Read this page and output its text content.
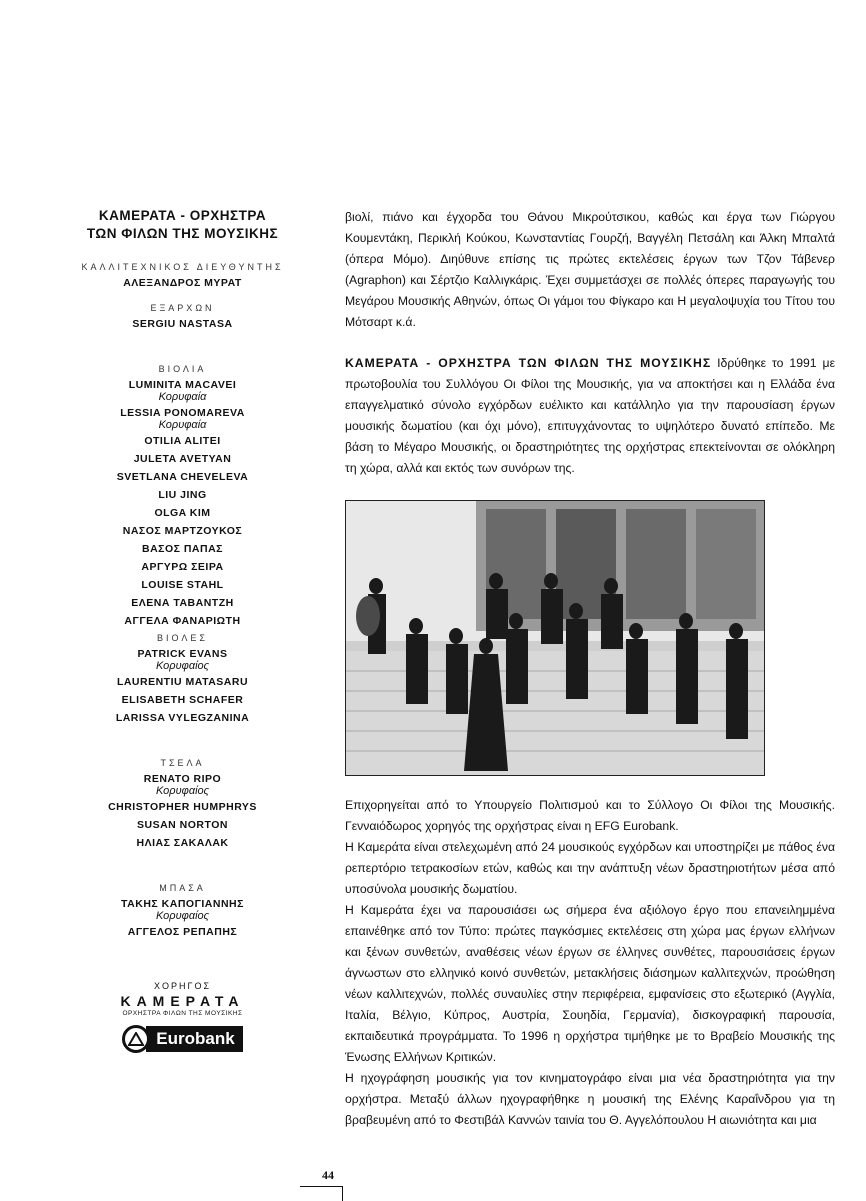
ΚΑΜΕΡΑΤΑ - ΟΡΧΗΣΤΡΑ
ΤΩΝ ΦΙΛΩΝ ΤΗΣ ΜΟΥΣΙΚΗΣ
ΚΑΛΛΙΤΕΧΝΙΚΟΣ ΔΙΕΥΘΥΝΤΗΣ
ΑΛΕΞΑΝΔΡΟΣ ΜΥΡΑΤ
ΕΞΑΡΧΩΝ
SERGIU NASTASA
ΒΙΟΛΙΑ
LUMINITA MACAVEI
Κορυφαία
LESSIA PONOMAREVA
Κορυφαία
OTILIA ALITEI
JULETA AVETYAN
SVETLANA CHEVELEVA
LIU JING
OLGA KIM
ΝΑΣΟΣ ΜΑΡΤΖΟΥΚΟΣ
ΒΑΣΟΣ ΠΑΠΑΣ
ΑΡΓΥΡΩ ΣΕΙΡΑ
LOUISE STAHL
ΕΛΕΝΑ ΤΑΒΑΝΤΖΗ
ΑΓΓΕΛΑ ΦΑΝΑΡΙΩΤΗ
ΒΙΟΛΕΣ
PATRICK EVANS
Κορυφαίος
LAURENTIU MATASARU
ELISABETH SCHAFER
LARISSA VYLEGZANINA
ΤΣΕΛΑ
RENATO RIPO
Κορυφαίος
CHRISTOPHER HUMPHRYS
SUSAN NORTON
ΗΛΙΑΣ ΣΑΚΑΛΑΚ
ΜΠΑΣΑ
ΤΑΚΗΣ ΚΑΠΟΓΙΑΝΝΗΣ
Κορυφαίος
ΑΓΓΕΛΟΣ ΡΕΠΑΠΗΣ
ΧΟΡΗΓΟΣ
ΚΑΜΕΡΑΤΑ
ΟΡΧΗΣΤΡΑ ΦΙΛΩΝ ΤΗΣ ΜΟΥΣΙΚΗΣ
Eurobank

βιολί, πιάνο και έγχορδα του Θάνου Μικρούτσικου, καθώς και έργα των Γιώργου Κουμεντάκη, Περικλή Κούκου, Κωνσταντίας Γουρζή, Βαγγέλη Πετσάλη και Άλκη Μπαλτά (όπερα Μόμο). Διηύθυνε επίσης τις πρώτες εκτελέσεις έργων των Τζον Τάβενερ (Agraphon) και Σέρτζιο Καλλιγκάρις. Έχει συμμετάσχει σε πολλές όπερες παραγωγής του Μεγάρου Μουσικής Αθηνών, όπως Οι γάμοι του Φίγκαρο και Η μεγαλοψυχία του Τίτου του Μότσαρτ κ.ά.

ΚΑΜΕΡΑΤΑ - ΟΡΧΗΣΤΡΑ ΤΩΝ ΦΙΛΩΝ ΤΗΣ ΜΟΥΣΙΚΗΣ Ιδρύθηκε το 1991 με πρωτοβουλία του Συλλόγου Οι Φίλοι της Μουσικής, για να αποκτήσει και η Ελλάδα ένα επαγγελματικό σύνολο εγχόρδων ευέλικτο και κατάλληλο για την παρουσίαση έργων μουσικής δωματίου (και όχι μόνο), επιτυγχάνοντας το υψηλότερο δυνατό επίπεδο. Με βάση το Μέγαρο Μουσικής, οι δραστηριότητες της ορχήστρας επεκτείνονται σε ολόκληρη τη χώρα, αλλά και εκτός των συνόρων της.

Επιχορηγείται από το Υπουργείο Πολιτισμού και το Σύλλογο Οι Φίλοι της Μουσικής. Γενναιόδωρος χορηγός της ορχήστρας είναι η EFG Eurobank.

Η Καμεράτα είναι στελεχωμένη από 24 μουσικούς εγχόρδων και υποστηρίζει με πάθος ένα ρεπερτόριο τετρακοσίων ετών, καθώς και την ανάπτυξη νέων δραστηριοτήτων μέσα από υποσύνολα μουσικής δωματίου.

Η Καμεράτα έχει να παρουσιάσει ως σήμερα ένα αξιόλογο έργο που επανειλημμένα επαινέθηκε από τον Τύπο: πρώτες παγκόσμιες εκτελέσεις στη χώρα μας έργων ελλήνων και ξένων συνθετών, αναθέσεις νέων έργων σε έλληνες συνθέτες, παρουσιάσεις έργων άγνωστων στο ελληνικό κοινό συνθετών, μετακλήσεις διάσημων καλλιτεχνών, προώθηση νέων καλλιτεχνών, πολλές συναυλίες στην περιφέρεια, εμφανίσεις στο εξωτερικό (Αγγλία, Ιταλία, Βέλγιο, Κύπρος, Αυστρία, Σουηδία, Γερμανία), δισκογραφική παρουσία, εκπαιδευτικά προγράμματα. Το 1996 η ορχήστρα τιμήθηκε με το Βραβείο Μουσικής της Ένωσης Ελλήνων Κριτικών.

Η ηχογράφηση μουσικής για τον κινηματογράφο είναι μια νέα δραστηριότητα για την ορχήστρα. Μεταξύ άλλων ηχογραφήθηκε η μουσική της Ελένης Καραΐνδρου για τη βραβευμένη από το Φεστιβάλ Καννών ταινία του Θ. Αγγελόπουλου Η αιωνιότητα και μια

44
